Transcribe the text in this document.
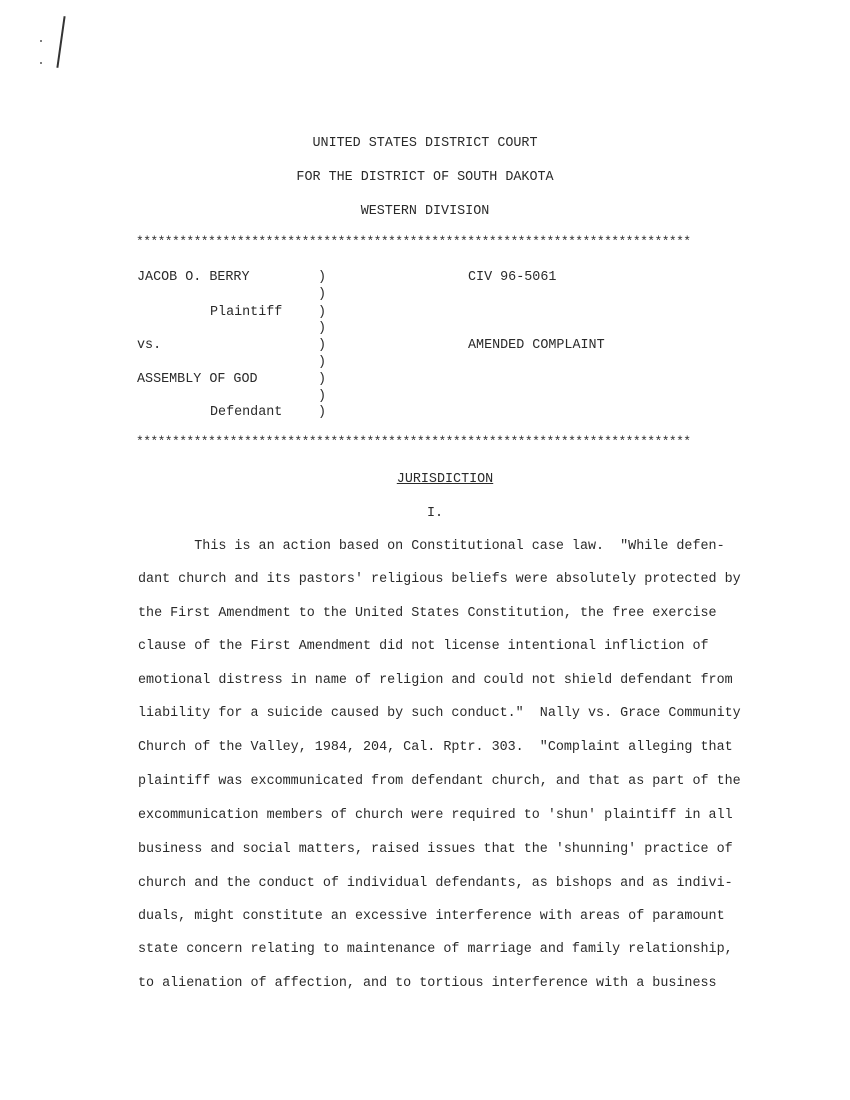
UNITED STATES DISTRICT COURT
FOR THE DISTRICT OF SOUTH DAKOTA
WESTERN DIVISION
*****************************************************************************
JACOB O. BERRY
Plaintiff
vs.
ASSEMBLY OF GOD
Defendant
)
)
)
)
)
)
)
)
)
CIV 96-5061
AMENDED COMPLAINT
*****************************************************************************
JURISDICTION
I.
This is an action based on Constitutional case law.  "While defen-
dant church and its pastors' religious beliefs were absolutely protected by
the First Amendment to the United States Constitution, the free exercise
clause of the First Amendment did not license intentional infliction of
emotional distress in name of religion and could not shield defendant from
liability for a suicide caused by such conduct."  Nally vs. Grace Community
Church of the Valley, 1984, 204, Cal. Rptr. 303.  "Complaint alleging that
plaintiff was excommunicated from defendant church, and that as part of the
excommunication members of church were required to 'shun' plaintiff in all
business and social matters, raised issues that the 'shunning' practice of
church and the conduct of individual defendants, as bishops and as indivi-
duals, might constitute an excessive interference with areas of paramount
state concern relating to maintenance of marriage and family relationship,
to alienation of affection, and to tortious interference with a business
